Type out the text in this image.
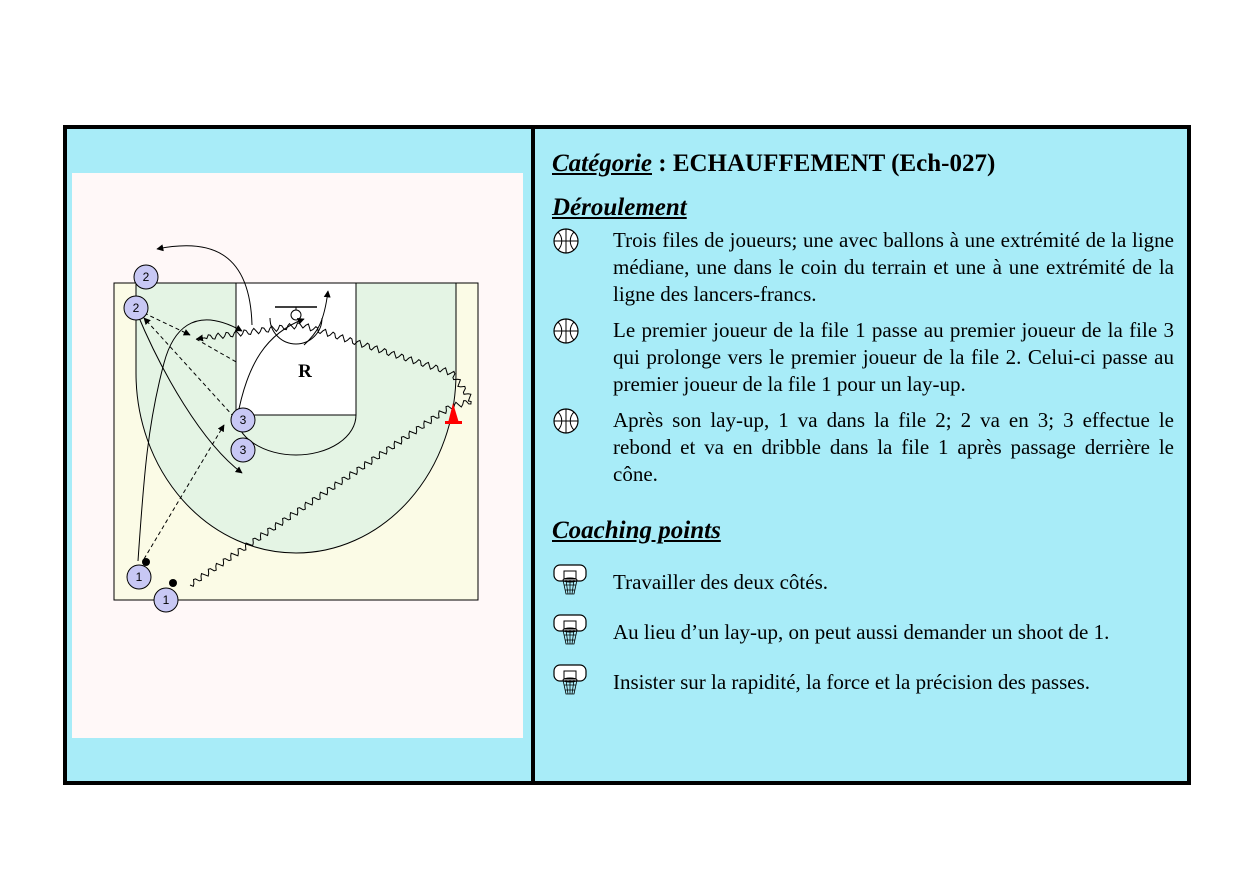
R
2
2
3
3
1
1
Catégorie : ECHAUFFEMENT (Ech-027)
Déroulement
Trois files de joueurs; une avec ballons à une extrémité de la ligne médiane, une dans le coin du terrain et une à une extrémité de la ligne des lancers-francs.
Le premier joueur de la file 1 passe au premier joueur de la file 3 qui prolonge vers le premier joueur de la file 2. Celui-ci passe au premier joueur de la file 1 pour un lay-up.
Après son lay-up, 1 va dans la file 2; 2 va en 3; 3 effectue le rebond et va en dribble dans la file 1 après passage derrière le cône.
Coaching points
Travailler des deux côtés.
Au lieu d’un lay-up, on peut aussi demander un shoot de 1.
Insister sur la rapidité, la force et la précision des passes.
